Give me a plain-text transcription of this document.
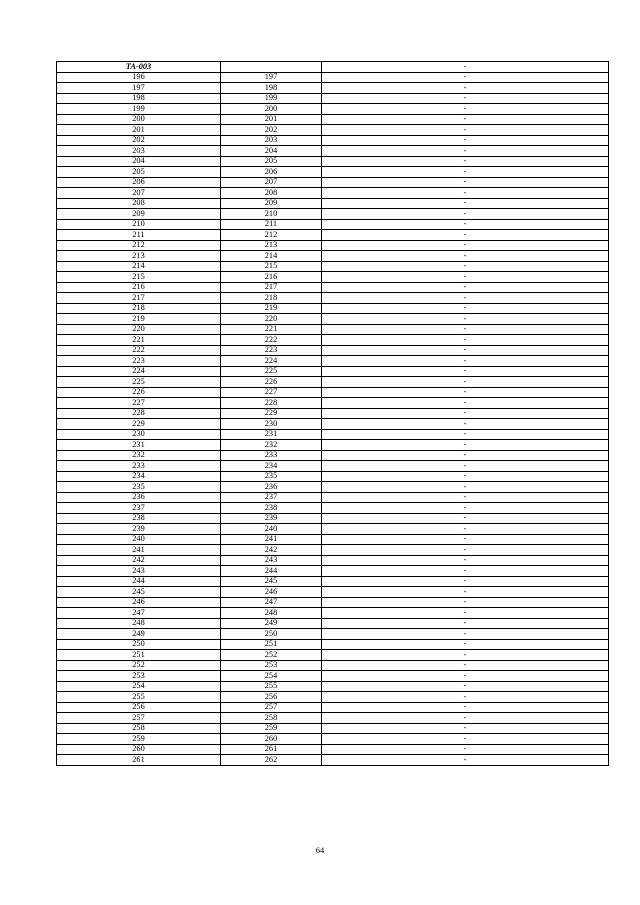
TA-003		-
196	197	-
197	198	-
198	199	-
199	200	-
200	201	-
201	202	-
202	203	-
203	204	-
204	205	-
205	206	-
206	207	-
207	208	-
208	209	-
209	210	-
210	211	-
211	212	-
212	213	-
213	214	-
214	215	-
215	216	-
216	217	-
217	218	-
218	219	-
219	220	-
220	221	-
221	222	-
222	223	-
223	224	-
224	225	-
225	226	-
226	227	-
227	228	-
228	229	-
229	230	-
230	231	-
231	232	-
232	233	-
233	234	-
234	235	-
235	236	-
236	237	-
237	238	-
238	239	-
239	240	-
240	241	-
241	242	-
242	243	-
243	244	-
244	245	-
245	246	-
246	247	-
247	248	-
248	249	-
249	250	-
250	251	-
251	252	-
252	253	-
253	254	-
254	255	-
255	256	-
256	257	-
257	258	-
258	259	-
259	260	-
260	261	-
261	262	-
64
